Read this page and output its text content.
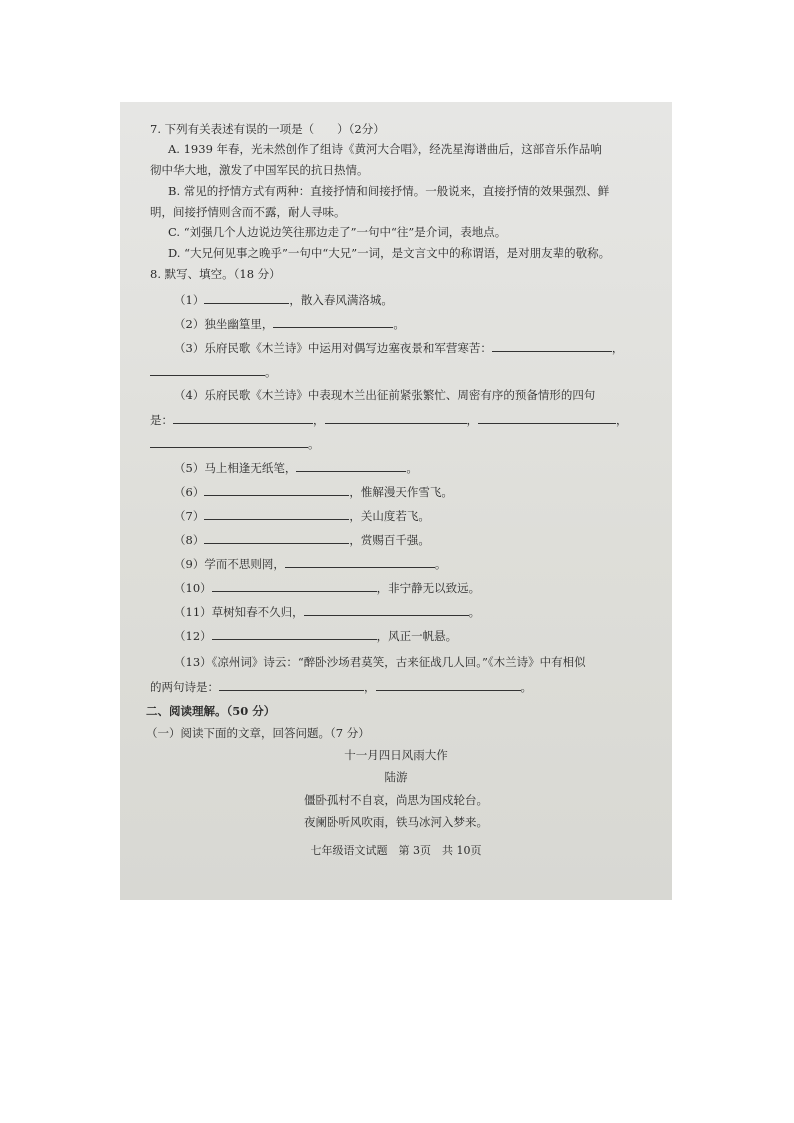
7. 下列有关表述有误的一项是（　　）（2分）
A. 1939 年春，光未然创作了组诗《黄河大合唱》，经冼星海谱曲后，这部音乐作品响
彻中华大地，激发了中国军民的抗日热情。
B. 常见的抒情方式有两种：直接抒情和间接抒情。一般说来，直接抒情的效果强烈、鲜
明，间接抒情则含而不露，耐人寻味。
C. “刘强几个人边说边笑往那边走了”一句中“往”是介词，表地点。
D. “大兄何见事之晚乎”一句中“大兄”一词，是文言文中的称谓语，是对朋友辈的敬称。
8. 默写、填空。（18 分）
（1）	，散入春风满洛城。
（2）独坐幽篁里，	。
（3）乐府民歌《木兰诗》中运用对偶写边塞夜景和军营寒苦：	，
。
（4）乐府民歌《木兰诗》中表现木兰出征前紧张繁忙、周密有序的预备情形的四句
是：	，	，	，
。
（5）马上相逢无纸笔，	。
（6）	，惟解漫天作雪飞。
（7）	，关山度若飞。
（8）	，赏赐百千强。
（9）学而不思则罔，	。
（10）	，非宁静无以致远。
（11）草树知春不久归，	。
（12）	，风正一帆悬。
（13）《凉州词》诗云：“醉卧沙场君莫笑，古来征战几人回。”《木兰诗》中有相似
的两句诗是：	，	。
二、阅读理解。（50 分）
（一）阅读下面的文章，回答问题。（7 分）
十一月四日风雨大作
陆游
僵卧孤村不自哀，尚思为国戍轮台。
夜阑卧听风吹雨，铁马冰河入梦来。
七年级语文试题　第 3页　共 10页
